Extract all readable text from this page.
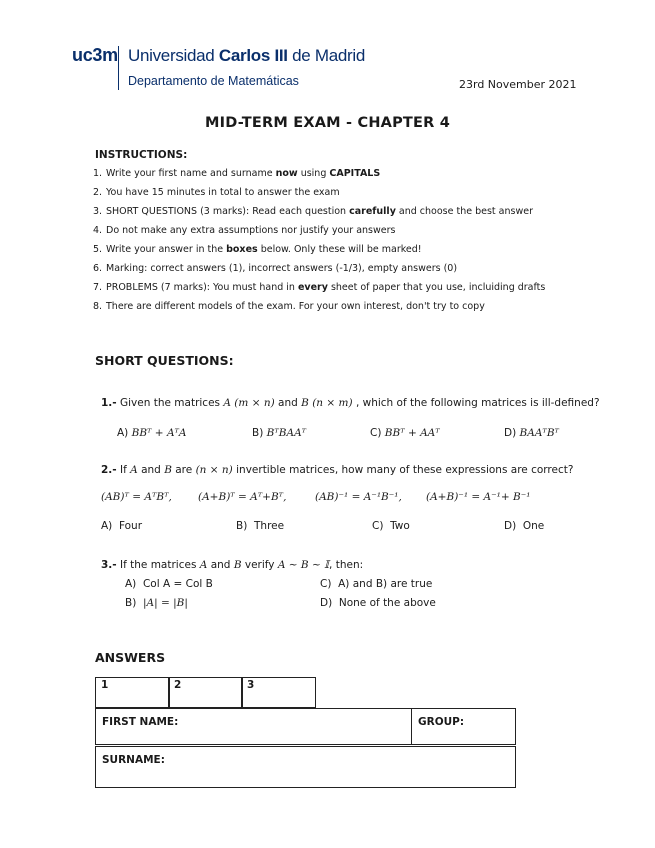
uc3m Universidad Carlos III de Madrid
Departamento de Matemáticas	23rd November 2021
MID-TERM EXAM - CHAPTER 4
INSTRUCTIONS:
1. Write your first name and surname now using CAPITALS
2. You have 15 minutes in total to answer the exam
3. SHORT QUESTIONS (3 marks): Read each question carefully and choose the best answer
4. Do not make any extra assumptions nor justify your answers
5. Write your answer in the boxes below. Only these will be marked!
6. Marking: correct answers (1), incorrect answers (-1/3), empty answers (0)
7. PROBLEMS (7 marks): You must hand in every sheet of paper that you use, incluiding drafts
8. There are different models of the exam. For your own interest, don't try to copy
SHORT QUESTIONS:
1.- Given the matrices A (m × n) and B (n × m) , which of the following matrices is ill-defined?
A) BBᵀ + AᵀA	B) BᵀBAAᵀ	C) BBᵀ + AAᵀ	D) BAAᵀBᵀ
2.- If A and B are (n × n) invertible matrices, how many of these expressions are correct?
(AB)ᵀ = AᵀBᵀ, (A+B)ᵀ = Aᵀ+Bᵀ,	(AB)⁻¹ = A⁻¹B⁻¹, (A+B)⁻¹ = A⁻¹+ B⁻¹
A) Four	B) Three	C) Two	D) One
3.- If the matrices A and B verify A ∼ B ∼ 𝕀, then:
A) Col A = Col B	C) A) and B) are true
B) |A| = |B|	D) None of the above
ANSWERS
1	2	3
FIRST NAME:	GROUP:
SURNAME:
